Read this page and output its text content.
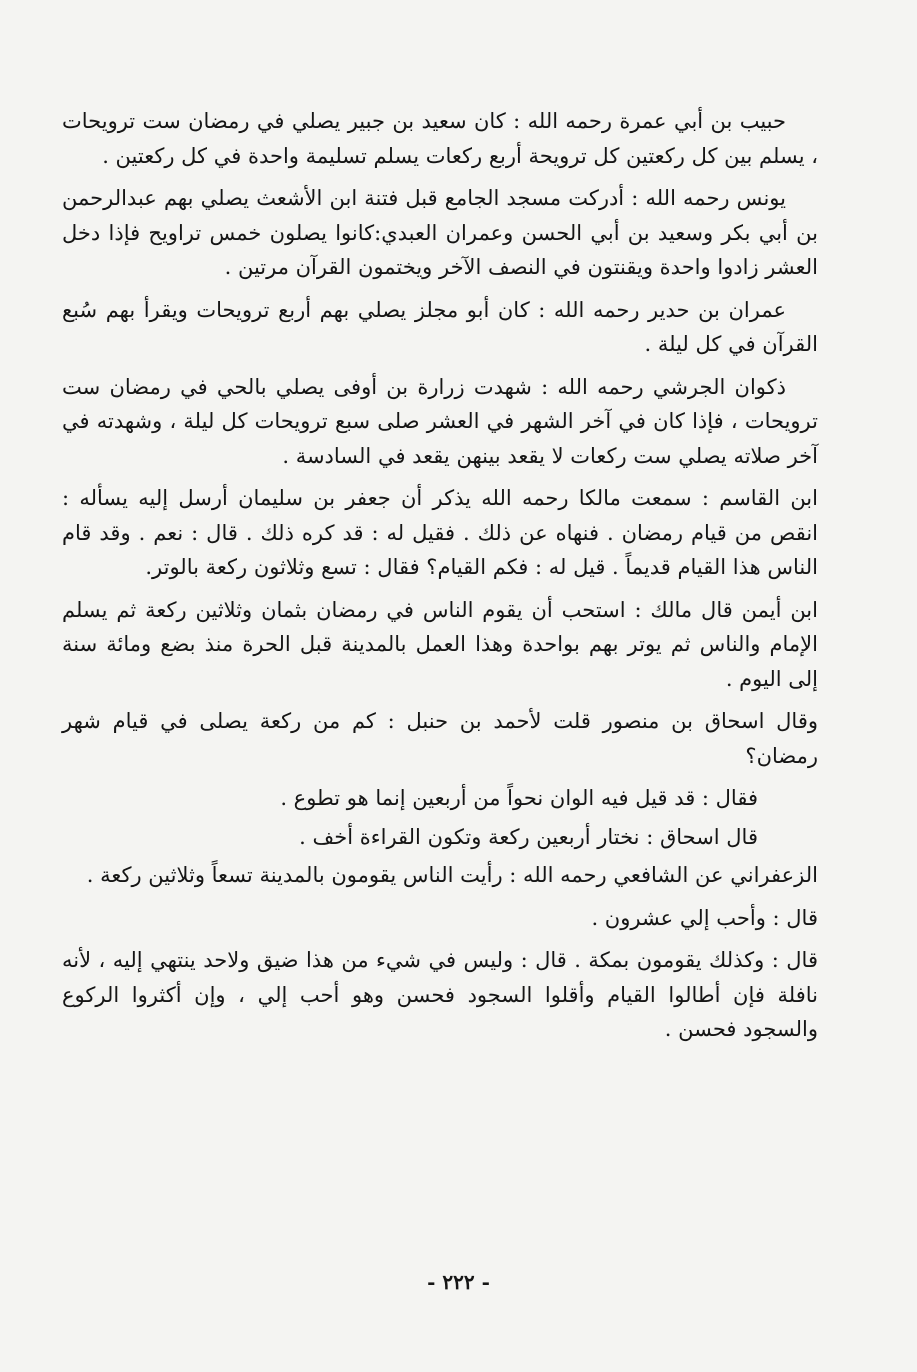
حبيب بن أبي عمرة رحمه الله : كان سعيد بن جبير يصلي في رمضان ست ترويحات ، يسلم بين كل ركعتين كل ترويحة أربع ركعات يسلم تسليمة واحدة في كل ركعتين .

يونس رحمه الله : أدركت مسجد الجامع قبل فتنة ابن الأشعث يصلي بهم عبدالرحمن بن أبي بكر وسعيد بن أبي الحسن وعمران العبدي:كانوا يصلون خمس تراويح فإذا دخل العشر زادوا واحدة ويقنتون في النصف الآخر ويختمون القرآن مرتين .

عمران بن حدير رحمه الله : كان أبو مجلز يصلي بهم أربع ترويحات ويقرأ بهم سُبع القرآن في كل ليلة .

ذكوان الجرشي رحمه الله : شهدت زرارة بن أوفى يصلي بالحي في رمضان ست ترويحات ، فإذا كان في آخر الشهر في العشر صلى سبع ترويحات كل ليلة ، وشهدته في آخر صلاته يصلي ست ركعات لا يقعد بينهن يقعد في السادسة .

ابن القاسم : سمعت مالكا رحمه الله يذكر أن جعفر بن سليمان أرسل إليه يسأله : انقص من قيام رمضان . فنهاه عن ذلك . فقيل له : قد كره ذلك . قال : نعم . وقد قام الناس هذا القيام قديماً . قيل له : فكم القيام؟ فقال : تسع وثلاثون ركعة بالوتر.

ابن أيمن قال مالك : استحب أن يقوم الناس في رمضان بثمان وثلاثين ركعة ثم يسلم الإمام والناس ثم يوتر بهم بواحدة وهذا العمل بالمدينة قبل الحرة منذ بضع ومائة سنة إلى اليوم .

وقال اسحاق بن منصور قلت لأحمد بن حنبل : كم من ركعة يصلى في قيام شهر رمضان؟

فقال : قد قيل فيه الوان نحواً من أربعين إنما هو تطوع .

قال اسحاق : نختار أربعين ركعة وتكون القراءة أخف .

الزعفراني عن الشافعي رحمه الله : رأيت الناس يقومون بالمدينة تسعاً وثلاثين ركعة .

قال : وأحب إلي عشرون .

قال : وكذلك يقومون بمكة . قال : وليس في شيء من هذا ضيق ولاحد ينتهي إليه ، لأنه نافلة فإن أطالوا القيام وأقلوا السجود فحسن وهو أحب إلي ، وإن أكثروا الركوع والسجود فحسن .

- ٢٢٢ -
